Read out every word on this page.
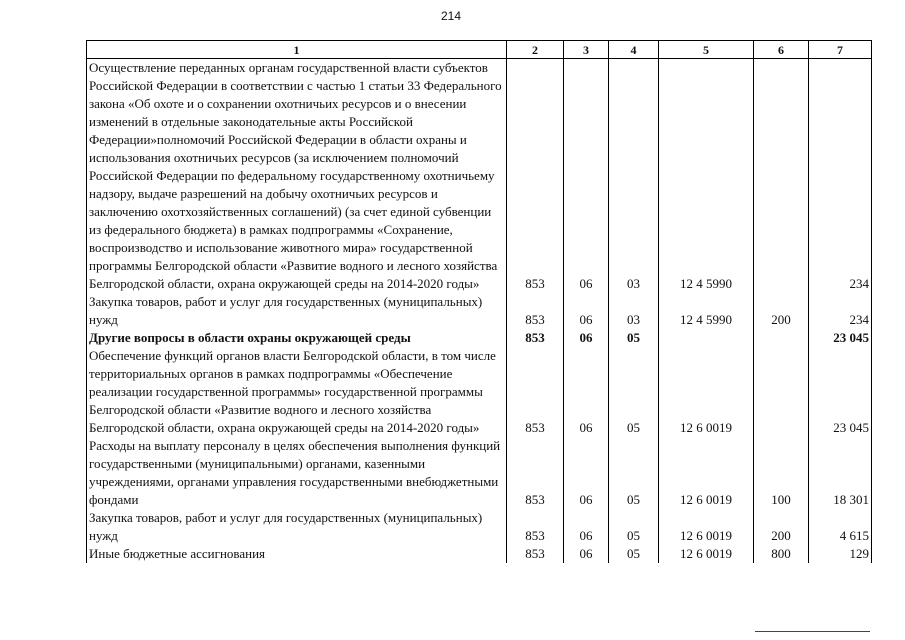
214
1	2	3	4	5	6	7
Осуществление переданных органам государственной власти субъектов Российской Федерации в соответствии с частью 1 статьи 33 Федерального закона «Об охоте и о сохранении охотничьих ресурсов и о внесении изменений в отдельные законодательные акты Российской Федерации»полномочий Российской Федерации в области охраны и использования охотничьих ресурсов (за исключением полномочий Российской Федерации по федеральному государственному охотничьему надзору, выдаче разрешений на добычу охотничьих ресурсов и заключению охотхозяйственных соглашений) (за счет единой субвенции из федерального бюджета) в рамках подпрограммы «Сохранение, воспроизводство и использование животного мира» государственной программы Белгородской области «Развитие водного и лесного хозяйства Белгородской области, охрана окружающей среды на 2014-2020 годы»	853	06	03	12 4 5990		234
Закупка товаров, работ и услуг для государственных (муниципальных) нужд	853	06	03	12 4 5990	200	234
Другие вопросы в области охраны окружающей среды	853	06	05			23 045
Обеспечение функций органов власти Белгородской области, в том числе территориальных органов в рамках подпрограммы «Обеспечение реализации государственной программы» государственной программы Белгородской области «Развитие водного и лесного хозяйства Белгородской области, охрана окружающей среды на 2014-2020 годы»	853	06	05	12 6 0019		23 045
Расходы на выплату персоналу в целях обеспечения выполнения функций государственными (муниципальными) органами, казенными учреждениями, органами управления государственными внебюджетными фондами	853	06	05	12 6 0019	100	18 301
Закупка товаров, работ и услуг для государственных (муниципальных) нужд	853	06	05	12 6 0019	200	4 615
Иные бюджетные ассигнования	853	06	05	12 6 0019	800	129
